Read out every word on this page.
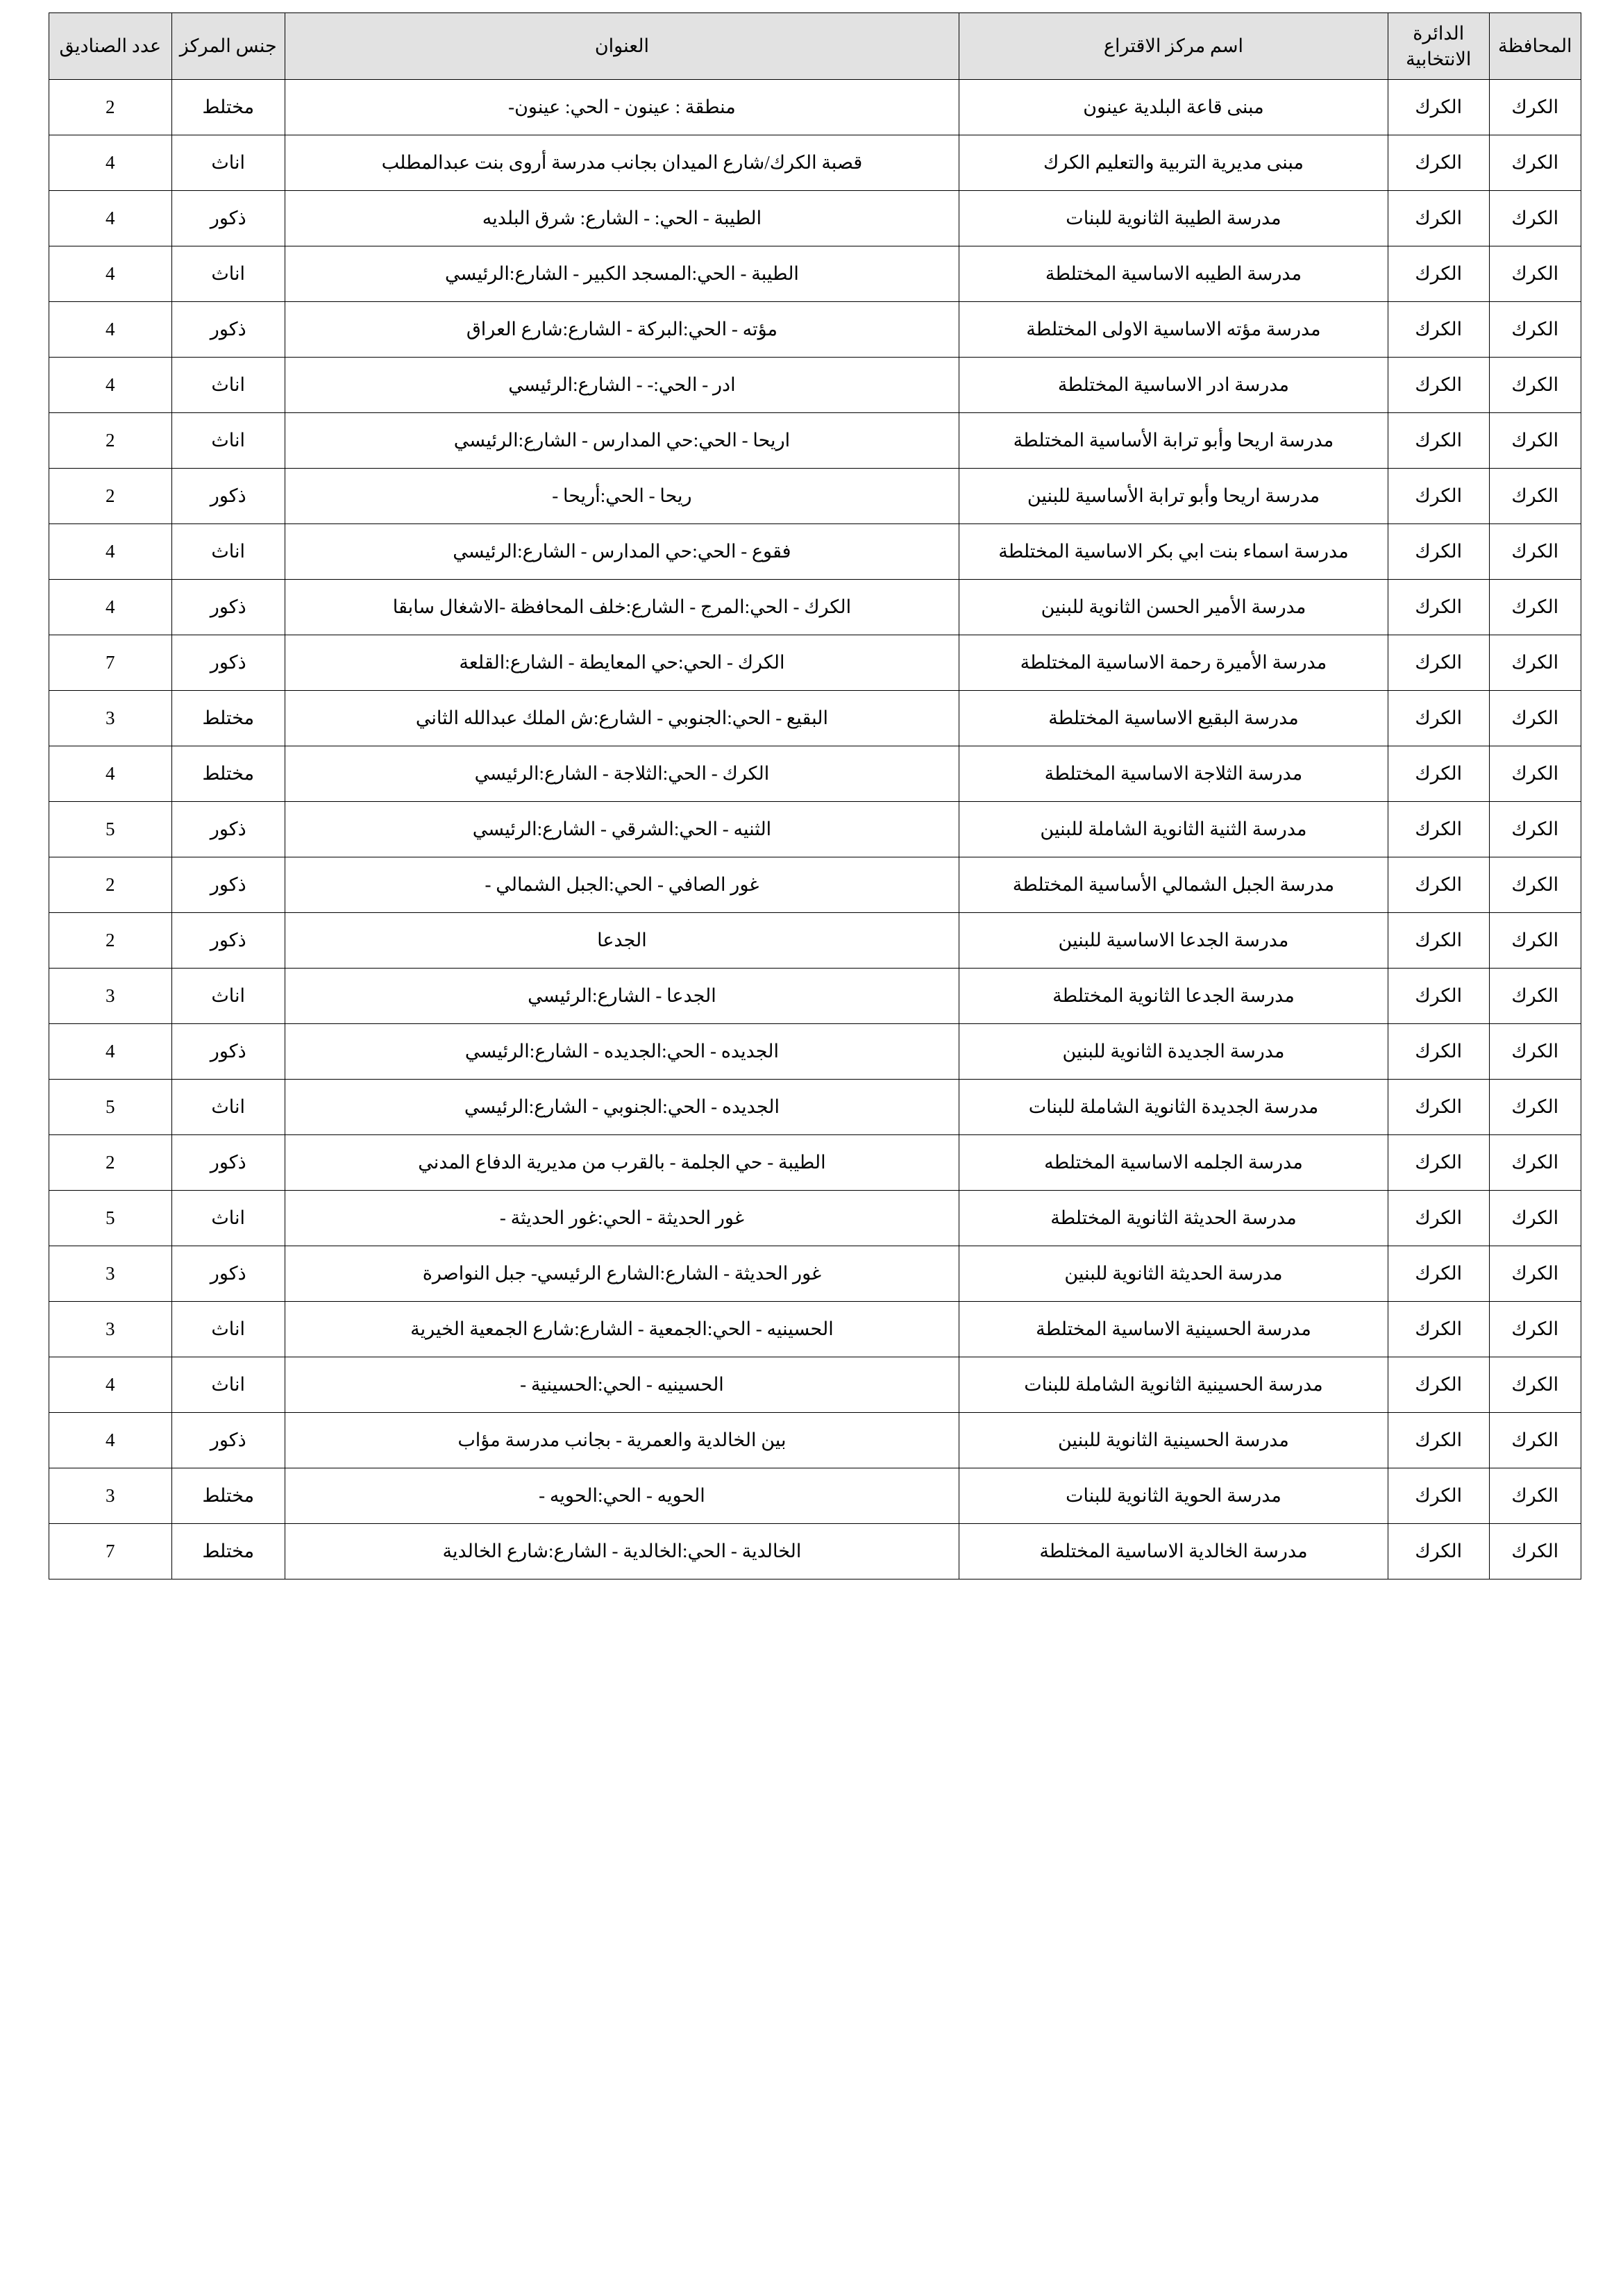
المحافظة	الدائرة الانتخابية	اسم مركز الاقتراع	العنوان	جنس المركز	عدد الصناديق
الكرك	الكرك	مبنى قاعة البلدية عينون	منطقة : عينون - الحي: عينون-	مختلط	2
الكرك	الكرك	مبنى مديرية التربية والتعليم الكرك	قصبة الكرك/شارع الميدان بجانب مدرسة أروى بنت عبدالمطلب	اناث	4
الكرك	الكرك	مدرسة الطيبة الثانوية للبنات	الطيبة - الحي: - الشارع: شرق البلديه	ذكور	4
الكرك	الكرك	مدرسة الطيبه الاساسية المختلطة	الطيبة - الحي:المسجد الكبير - الشارع:الرئيسي	اناث	4
الكرك	الكرك	مدرسة مؤته الاساسية الاولى المختلطة	مؤته - الحي:البركة - الشارع:شارع العراق	ذكور	4
الكرك	الكرك	مدرسة ادر الاساسية المختلطة	ادر - الحي:- - الشارع:الرئيسي	اناث	4
الكرك	الكرك	مدرسة اريحا وأبو ترابة الأساسية المختلطة	اريحا - الحي:حي المدارس - الشارع:الرئيسي	اناث	2
الكرك	الكرك	مدرسة اريحا وأبو ترابة الأساسية للبنين	ريحا - الحي:أريحا -	ذكور	2
الكرك	الكرك	مدرسة اسماء بنت ابي بكر الاساسية المختلطة	فقوع - الحي:حي المدارس - الشارع:الرئيسي	اناث	4
الكرك	الكرك	مدرسة الأمير الحسن الثانوية للبنين	الكرك - الحي:المرج - الشارع:خلف المحافظة -الاشغال سابقا	ذكور	4
الكرك	الكرك	مدرسة الأميرة رحمة الاساسية المختلطة	الكرك - الحي:حي المعايطة - الشارع:القلعة	ذكور	7
الكرك	الكرك	مدرسة البقيع الاساسية المختلطة	البقيع - الحي:الجنوبي - الشارع:ش الملك عبدالله الثاني	مختلط	3
الكرك	الكرك	مدرسة الثلاجة الاساسية المختلطة	الكرك - الحي:الثلاجة - الشارع:الرئيسي	مختلط	4
الكرك	الكرك	مدرسة الثنية الثانوية الشاملة للبنين	الثنيه - الحي:الشرقي - الشارع:الرئيسي	ذكور	5
الكرك	الكرك	مدرسة الجبل الشمالي الأساسية المختلطة	غور الصافي - الحي:الجبل الشمالي -	ذكور	2
الكرك	الكرك	مدرسة الجدعا الاساسية للبنين	الجدعا	ذكور	2
الكرك	الكرك	مدرسة الجدعا الثانوية المختلطة	الجدعا - الشارع:الرئيسي	اناث	3
الكرك	الكرك	مدرسة الجديدة الثانوية للبنين	الجديده - الحي:الجديده - الشارع:الرئيسي	ذكور	4
الكرك	الكرك	مدرسة الجديدة الثانوية الشاملة للبنات	الجديده - الحي:الجنوبي - الشارع:الرئيسي	اناث	5
الكرك	الكرك	مدرسة الجلمه الاساسية المختلطه	الطيبة - حي الجلمة - بالقرب من مديرية الدفاع المدني	ذكور	2
الكرك	الكرك	مدرسة الحديثة الثانوية المختلطة	غور الحديثة - الحي:غور الحديثة -	اناث	5
الكرك	الكرك	مدرسة الحديثة الثانوية للبنين	غور الحديثة - الشارع:الشارع الرئيسي- جبل النواصرة	ذكور	3
الكرك	الكرك	مدرسة الحسينية الاساسية المختلطة	الحسينيه - الحي:الجمعية - الشارع:شارع الجمعية الخيرية	اناث	3
الكرك	الكرك	مدرسة الحسينية الثانوية الشاملة للبنات	الحسينيه - الحي:الحسينية -	اناث	4
الكرك	الكرك	مدرسة الحسينية الثانوية للبنين	بين الخالدية والعمرية - بجانب مدرسة مؤاب	ذكور	4
الكرك	الكرك	مدرسة الحوية الثانوية للبنات	الحويه - الحي:الحويه -	مختلط	3
الكرك	الكرك	مدرسة الخالدية الاساسية المختلطة	الخالدية - الحي:الخالدية - الشارع:شارع الخالدية	مختلط	7
